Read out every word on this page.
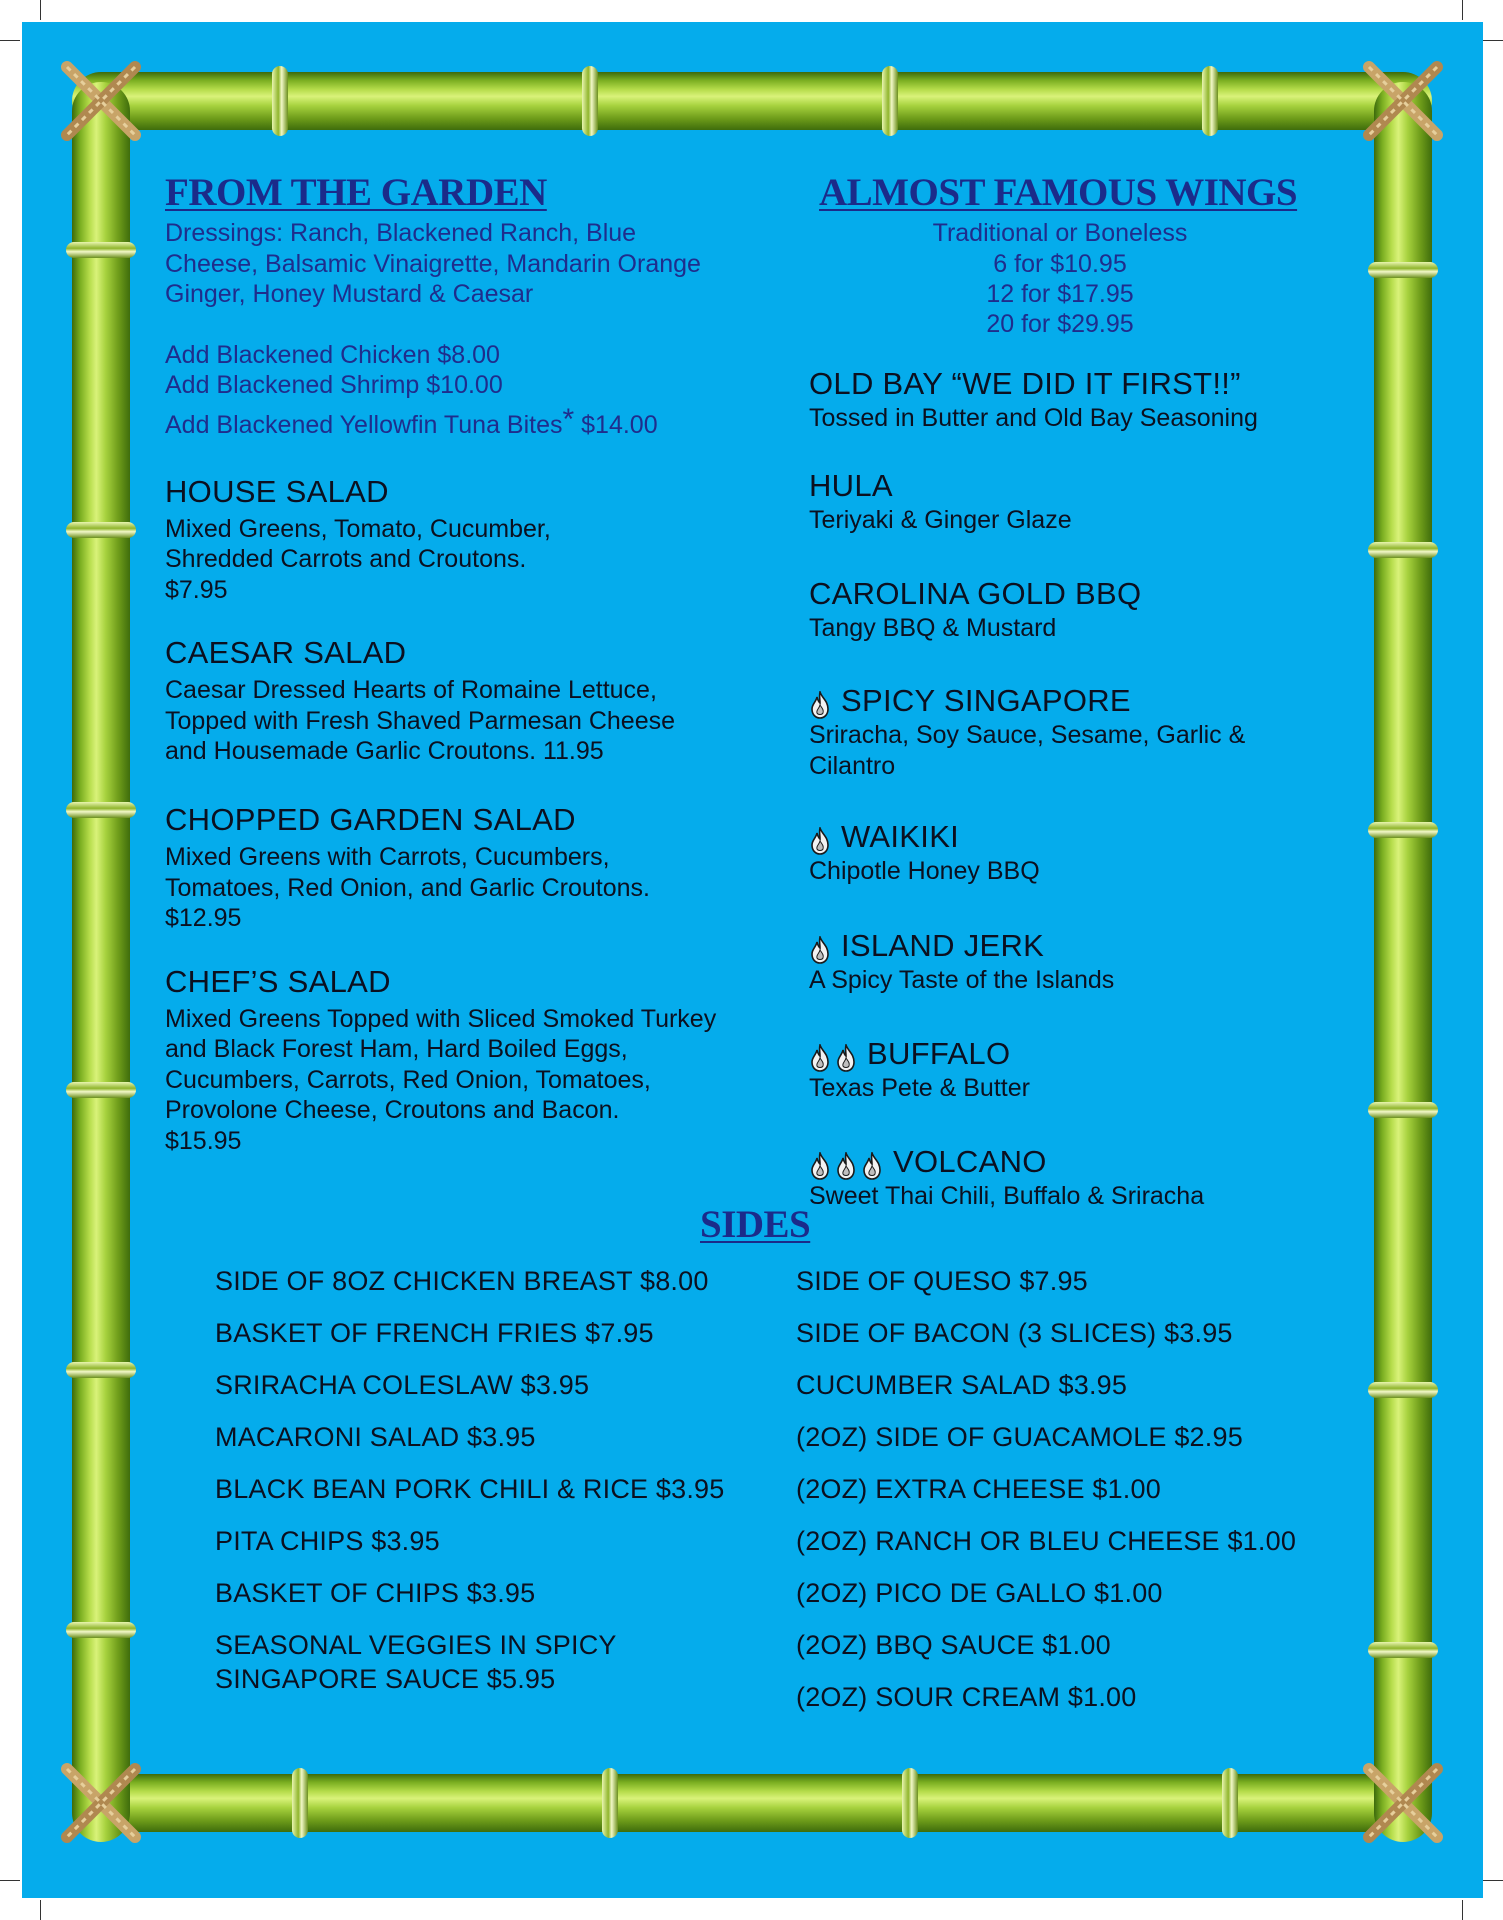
FROM THE GARDEN
Dressings: Ranch, Blackened Ranch, Blue
Cheese, Balsamic Vinaigrette, Mandarin Orange
Ginger, Honey Mustard & Caesar
Add Blackened Chicken $8.00
Add Blackened Shrimp $10.00
Add Blackened Yellowfin Tuna Bites* $14.00
HOUSE SALAD
Mixed Greens, Tomato, Cucumber,
Shredded Carrots and Croutons.
$7.95
CAESAR SALAD
Caesar Dressed Hearts of Romaine Lettuce,
Topped with Fresh Shaved Parmesan Cheese
and Housemade Garlic Croutons. 11.95
CHOPPED GARDEN SALAD
Mixed Greens with Carrots, Cucumbers,
Tomatoes, Red Onion, and Garlic Croutons.
$12.95
CHEF’S SALAD
Mixed Greens Topped with Sliced Smoked Turkey
and Black Forest Ham, Hard Boiled Eggs,
Cucumbers, Carrots, Red Onion, Tomatoes,
Provolone Cheese, Croutons and Bacon.
$15.95
ALMOST FAMOUS WINGS
Traditional or Boneless
6 for $10.95
12 for $17.95
20 for $29.95
OLD BAY “WE DID IT FIRST!!”
Tossed in Butter and Old Bay Seasoning
HULA
Teriyaki & Ginger Glaze
CAROLINA GOLD BBQ
Tangy BBQ & Mustard
SPICY SINGAPORE
Sriracha, Soy Sauce, Sesame, Garlic &
Cilantro
WAIKIKI
Chipotle Honey BBQ
ISLAND JERK
A Spicy Taste of the Islands
BUFFALO
Texas Pete & Butter
VOLCANO
Sweet Thai Chili, Buffalo & Sriracha
SIDES
SIDE OF 8OZ CHICKEN BREAST $8.00
BASKET OF FRENCH FRIES $7.95
SRIRACHA COLESLAW $3.95
MACARONI SALAD $3.95
BLACK BEAN PORK CHILI & RICE $3.95
PITA CHIPS $3.95
BASKET OF CHIPS $3.95
SEASONAL VEGGIES IN SPICY
SINGAPORE SAUCE $5.95
SIDE OF QUESO $7.95
SIDE OF BACON (3 SLICES) $3.95
CUCUMBER SALAD $3.95
(2OZ) SIDE OF GUACAMOLE $2.95
(2OZ) EXTRA CHEESE $1.00
(2OZ) RANCH OR BLEU CHEESE $1.00
(2OZ) PICO DE GALLO $1.00
(2OZ) BBQ SAUCE $1.00
(2OZ) SOUR CREAM $1.00
